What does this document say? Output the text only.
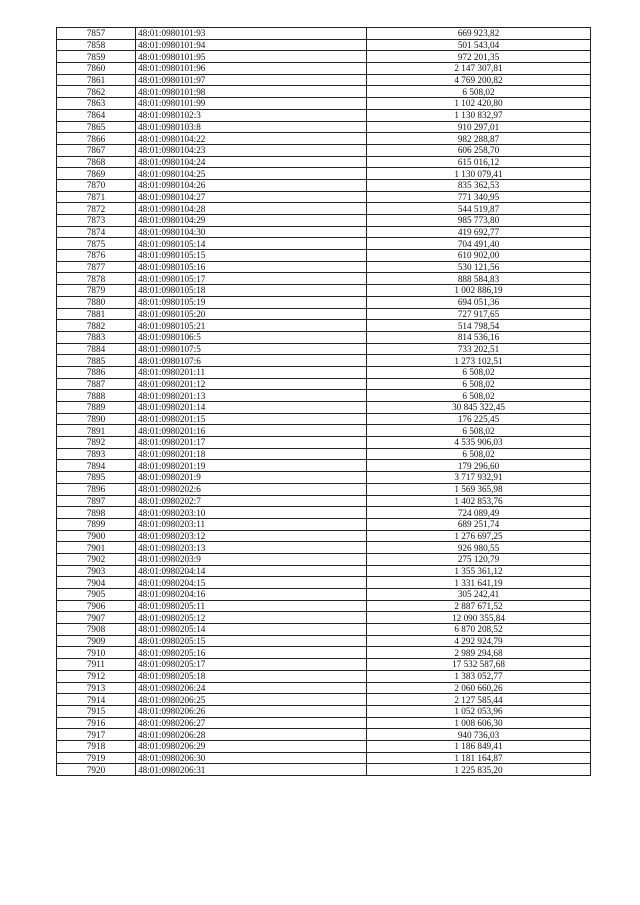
7857	48:01:0980101:93	669 923,82
7858	48:01:0980101:94	501 543,04
7859	48:01:0980101:95	972 201,35
7860	48:01:0980101:96	2 147 307,81
7861	48:01:0980101:97	4 769 200,82
7862	48:01:0980101:98	6 508,02
7863	48:01:0980101:99	1 102 420,80
7864	48:01:0980102:3	1 130 832,97
7865	48:01:0980103:8	910 297,01
7866	48:01:0980104:22	982 288,87
7867	48:01:0980104:23	606 258,70
7868	48:01:0980104:24	615 016,12
7869	48:01:0980104:25	1 130 079,41
7870	48:01:0980104:26	835 362,53
7871	48:01:0980104:27	771 340,95
7872	48:01:0980104:28	544 519,87
7873	48:01:0980104:29	985 773,80
7874	48:01:0980104:30	419 692,77
7875	48:01:0980105:14	704 491,40
7876	48:01:0980105:15	610 902,00
7877	48:01:0980105:16	530 121,56
7878	48:01:0980105:17	888 584,83
7879	48:01:0980105:18	1 002 886,19
7880	48:01:0980105:19	694 051,36
7881	48:01:0980105:20	727 917,65
7882	48:01:0980105:21	514 798,54
7883	48:01:0980106:5	814 536,16
7884	48:01:0980107:5	733 202,51
7885	48:01:0980107:6	1 273 102,51
7886	48:01:0980201:11	6 508,02
7887	48:01:0980201:12	6 508,02
7888	48:01:0980201:13	6 508,02
7889	48:01:0980201:14	30 845 322,45
7890	48:01:0980201:15	176 225,45
7891	48:01:0980201:16	6 508,02
7892	48:01:0980201:17	4 535 906,03
7893	48:01:0980201:18	6 508,02
7894	48:01:0980201:19	179 296,60
7895	48:01:0980201:9	3 717 932,91
7896	48:01:0980202:6	1 569 365,98
7897	48:01:0980202:7	1 402 853,76
7898	48:01:0980203:10	724 089,49
7899	48:01:0980203:11	689 251,74
7900	48:01:0980203:12	1 276 697,25
7901	48:01:0980203:13	926 980,55
7902	48:01:0980203:9	275 120,79
7903	48:01:0980204:14	1 355 361,12
7904	48:01:0980204:15	1 331 641,19
7905	48:01:0980204:16	305 242,41
7906	48:01:0980205:11	2 887 671,52
7907	48:01:0980205:12	12 090 355,84
7908	48:01:0980205:14	6 870 208,52
7909	48:01:0980205:15	4 292 924,79
7910	48:01:0980205:16	2 989 294,68
7911	48:01:0980205:17	17 532 587,68
7912	48:01:0980205:18	1 383 052,77
7913	48:01:0980206:24	2 060 660,26
7914	48:01:0980206:25	2 127 585,44
7915	48:01:0980206:26	1 052 053,96
7916	48:01:0980206:27	1 008 606,30
7917	48:01:0980206:28	940 736,03
7918	48:01:0980206:29	1 186 849,41
7919	48:01:0980206:30	1 181 164,87
7920	48:01:0980206:31	1 225 835,20
